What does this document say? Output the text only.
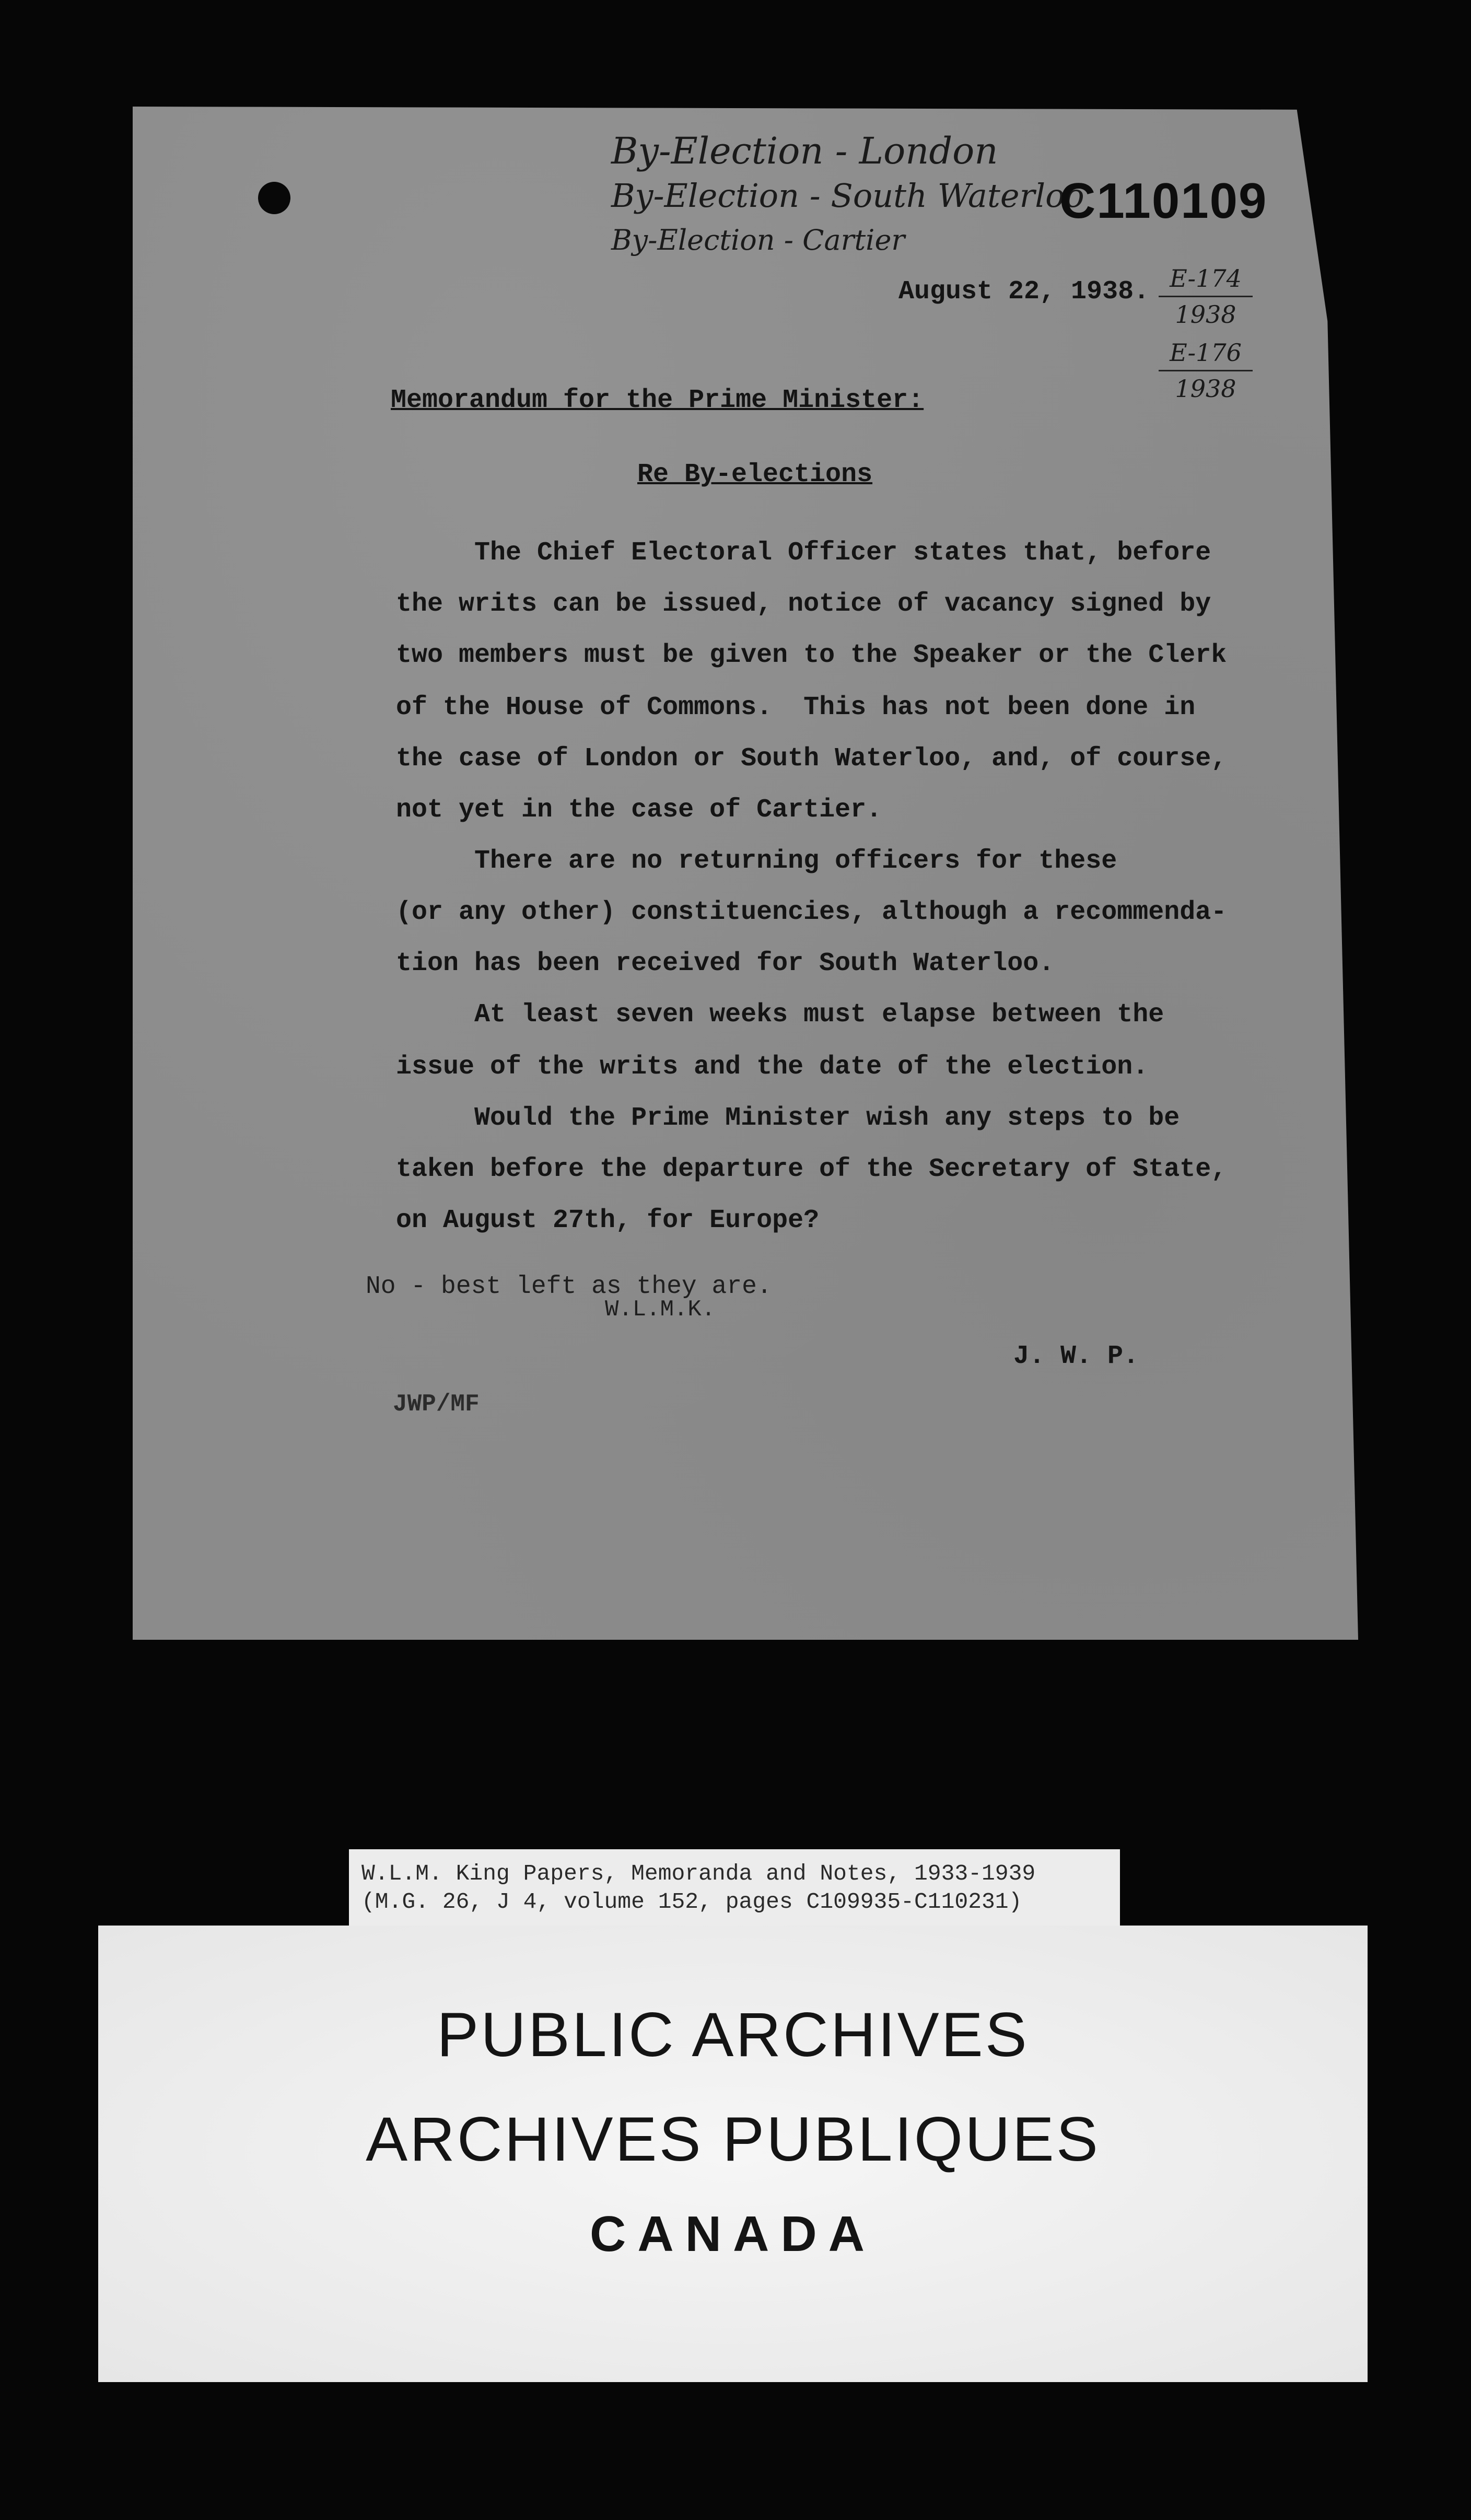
By-Election - London
By-Election - South Waterloo
By-Election - Cartier
C110109
August 22, 1938. E-174
1938
E-176
1938
Memorandum for the Prime Minister:
Re By-elections
The Chief Electoral Officer states that, before
the writs can be issued, notice of vacancy signed by
two members must be given to the Speaker or the Clerk
of the House of Commons.  This has not been done in
the case of London or South Waterloo, and, of course,
not yet in the case of Cartier.
There are no returning officers for these
(or any other) constituencies, although a recommenda-
tion has been received for South Waterloo.
At least seven weeks must elapse between the
issue of the writs and the date of the election.
Would the Prime Minister wish any steps to be
taken before the departure of the Secretary of State,
on August 27th, for Europe?
No - best left as they are.
W.L.M.K.
J. W. P.
JWP/MF
W.L.M. King Papers, Memoranda and Notes, 1933-1939
(M.G. 26, J 4, volume 152, pages C109935-C110231)
PUBLIC ARCHIVES
ARCHIVES PUBLIQUES
CANADA
